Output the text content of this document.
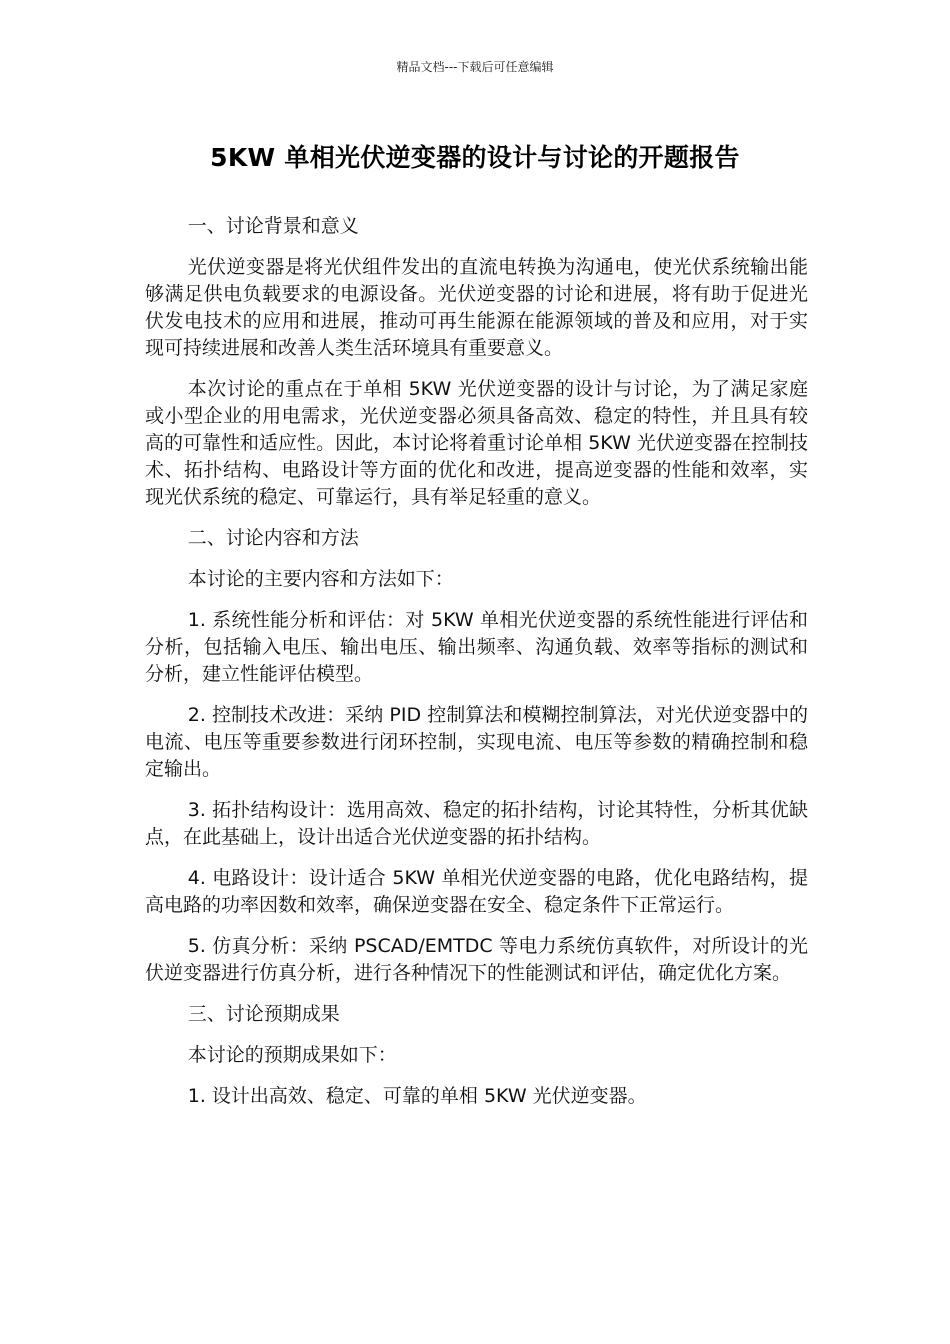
精品文档---下载后可任意编辑
5KW 单相光伏逆变器的设计与讨论的开题报告

一、讨论背景和意义

光伏逆变器是将光伏组件发出的直流电转换为沟通电，使光伏系统输出能够满足供电负载要求的电源设备。光伏逆变器的讨论和进展，将有助于促进光伏发电技术的应用和进展，推动可再生能源在能源领域的普及和应用，对于实现可持续进展和改善人类生活环境具有重要意义。

本次讨论的重点在于单相 5KW 光伏逆变器的设计与讨论，为了满足家庭或小型企业的用电需求，光伏逆变器必须具备高效、稳定的特性，并且具有较高的可靠性和适应性。因此，本讨论将着重讨论单相 5KW 光伏逆变器在控制技术、拓扑结构、电路设计等方面的优化和改进，提高逆变器的性能和效率，实现光伏系统的稳定、可靠运行，具有举足轻重的意义。

二、讨论内容和方法

本讨论的主要内容和方法如下：

1. 系统性能分析和评估：对 5KW 单相光伏逆变器的系统性能进行评估和分析，包括输入电压、输出电压、输出频率、沟通负载、效率等指标的测试和分析，建立性能评估模型。

2. 控制技术改进：采纳 PID 控制算法和模糊控制算法，对光伏逆变器中的电流、电压等重要参数进行闭环控制，实现电流、电压等参数的精确控制和稳定输出。

3. 拓扑结构设计：选用高效、稳定的拓扑结构，讨论其特性，分析其优缺点，在此基础上，设计出适合光伏逆变器的拓扑结构。

4. 电路设计：设计适合 5KW 单相光伏逆变器的电路，优化电路结构，提高电路的功率因数和效率，确保逆变器在安全、稳定条件下正常运行。

5. 仿真分析：采纳 PSCAD/EMTDC 等电力系统仿真软件，对所设计的光伏逆变器进行仿真分析，进行各种情况下的性能测试和评估，确定优化方案。

三、讨论预期成果

本讨论的预期成果如下：

1. 设计出高效、稳定、可靠的单相 5KW 光伏逆变器。
